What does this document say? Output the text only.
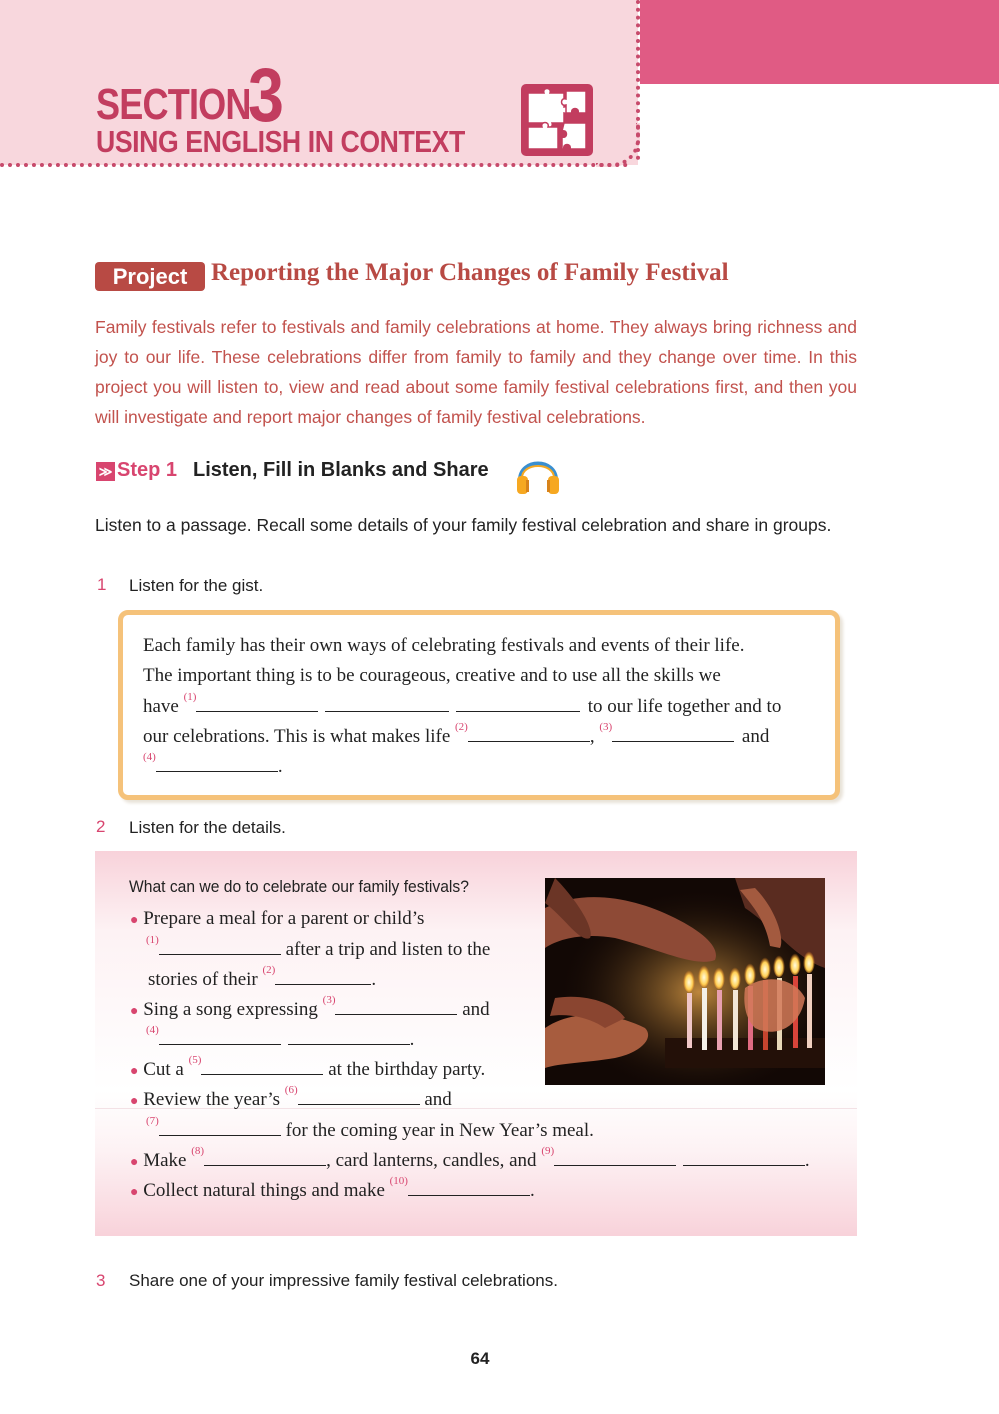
SECTION
3
USING ENGLISH IN CONTEXT
Project Reporting the Major Changes of Family Festival
Family festivals refer to festivals and family celebrations at home. They always bring richness and joy to our life. These celebrations differ from family to family and they change over time. In this project you will listen to, view and read about some family festival celebrations first, and then you will investigate and report major changes of family festival celebrations.
≫ Step 1 Listen, Fill in Blanks and Share
Listen to a passage. Recall some details of your family festival celebration and share in groups.
1 Listen for the gist.
Each family has their own ways of celebrating festivals and events of their life.
The important thing is to be courageous, creative and to use all the skills we
have $^{(1)}$	to our life together and to
our celebrations. This is what makes life $^{(2)}$	, $^{(3)}$	and
$^{(4)}$	.
2 Listen for the details.
What can we do to celebrate our family festivals?
● Prepare a meal for a parent or child’s
$^{(1)}$	after a trip and listen to the
stories of their $^{(2)}$	.
● Sing a song expressing $^{(3)}$	and
$^{(4)}$	.
● Cut a $^{(5)}$	at the birthday party.
● Review the year’s $^{(6)}$	and
$^{(7)}$	for the coming year in New Year’s meal.
● Make $^{(8)}$	, card lanterns, candles, and $^{(9)}$	.
● Collect natural things and make $^{(10)}$	.
3 Share one of your impressive family festival celebrations.
64
